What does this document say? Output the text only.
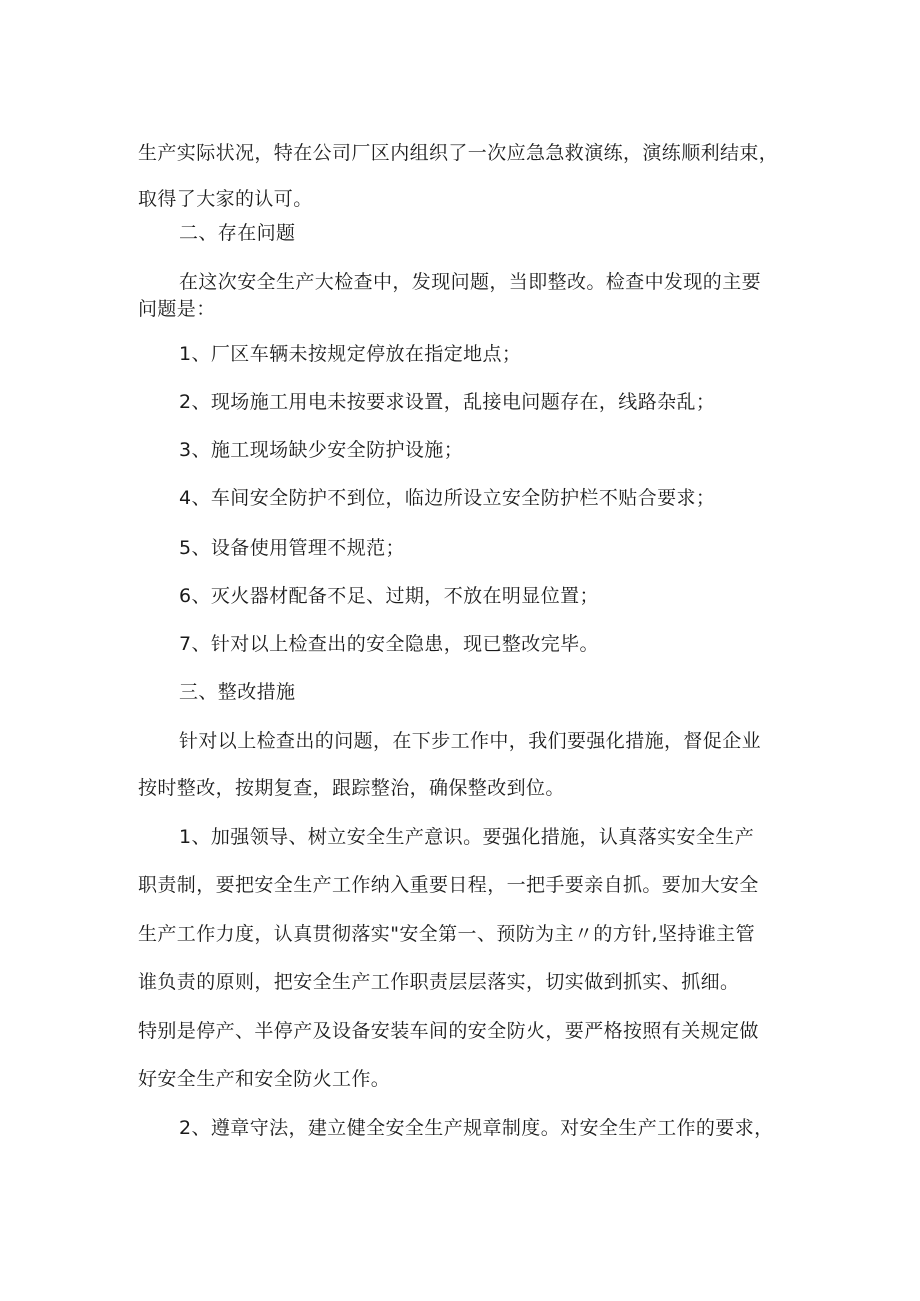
生产实际状况，特在公司厂区内组织了一次应急急救演练，演练顺利结束，
取得了大家的认可。
二、存在问题
在这次安全生产大检查中，发现问题，当即整改。检查中发现的主要
问题是：
1、厂区车辆未按规定停放在指定地点；
2、现场施工用电未按要求设置，乱接电问题存在，线路杂乱；
3、施工现场缺少安全防护设施；
4、车间安全防护不到位，临边所设立安全防护栏不贴合要求；
5、设备使用管理不规范；
6、灭火器材配备不足、过期，不放在明显位置；
7、针对以上检查出的安全隐患，现已整改完毕。
三、整改措施
针对以上检查出的问题，在下步工作中，我们要强化措施，督促企业
按时整改，按期复查，跟踪整治，确保整改到位。
1、加强领导、树立安全生产意识。要强化措施，认真落实安全生产
职责制，要把安全生产工作纳入重要日程，一把手要亲自抓。要加大安全
生产工作力度，认真贯彻落实"安全第一、预防为主〃的方针,坚持谁主管
谁负责的原则，把安全生产工作职责层层落实，切实做到抓实、抓细。
特别是停产、半停产及设备安装车间的安全防火，要严格按照有关规定做
好安全生产和安全防火工作。
2、遵章守法，建立健全安全生产规章制度。对安全生产工作的要求，
